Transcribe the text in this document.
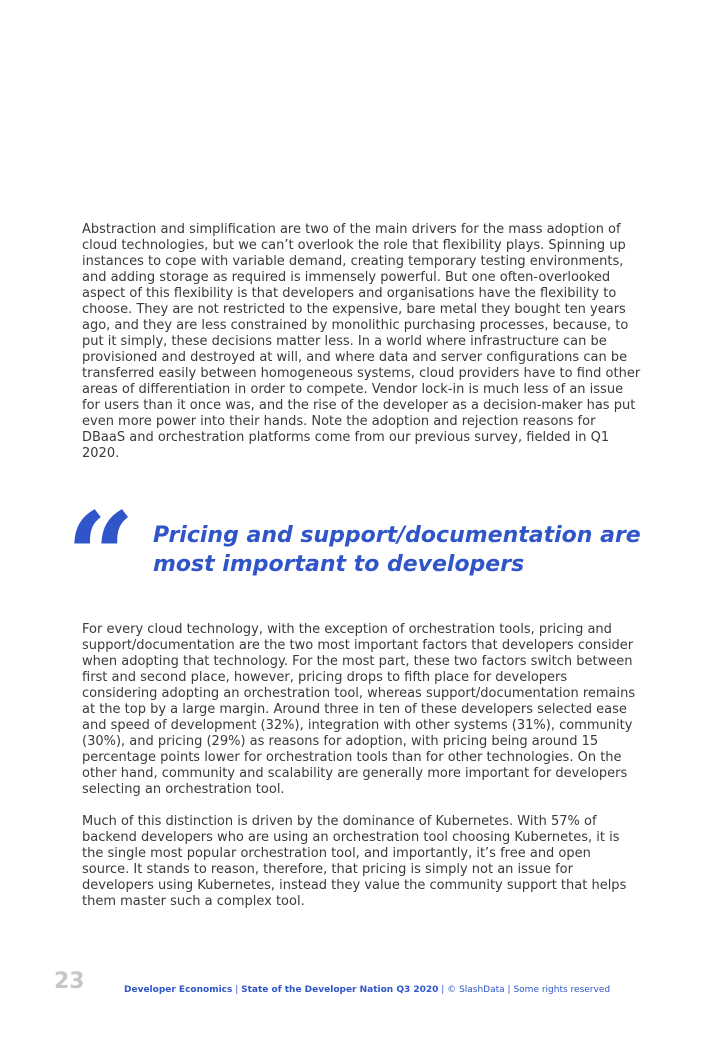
Abstraction and simplification are two of the main drivers for the mass adoption of cloud technologies, but we can’t overlook the role that flexibility plays. Spinning up instances to cope with variable demand, creating temporary testing environments, and adding storage as required is immensely powerful. But one often-overlooked aspect of this flexibility is that developers and organisations have the flexibility to choose. They are not restricted to the expensive, bare metal they bought ten years ago, and they are less constrained by monolithic purchasing processes, because, to put it simply, these decisions matter less. In a world where infrastructure can be provisioned and destroyed at will, and where data and server configurations can be transferred easily between homogeneous systems, cloud providers have to find other areas of differentiation in order to compete. Vendor lock-in is much less of an issue for users than it once was, and the rise of the developer as a decision-maker has put even more power into their hands. Note the adoption and rejection reasons for DBaaS and orchestration platforms come from our previous survey, fielded in Q1 2020.

“ Pricing and support/documentation are most important to developers

For every cloud technology, with the exception of orchestration tools, pricing and support/documentation are the two most important factors that developers consider when adopting that technology. For the most part, these two factors switch between first and second place, however, pricing drops to fifth place for developers considering adopting an orchestration tool, whereas support/documentation remains at the top by a large margin. Around three in ten of these developers selected ease and speed of development (32%), integration with other systems (31%), community (30%), and pricing (29%) as reasons for adoption, with pricing being around 15 percentage points lower for orchestration tools than for other technologies. On the other hand, community and scalability are generally more important for developers selecting an orchestration tool.

Much of this distinction is driven by the dominance of Kubernetes. With 57% of backend developers who are using an orchestration tool choosing Kubernetes, it is the single most popular orchestration tool, and importantly, it’s free and open source. It stands to reason, therefore, that pricing is simply not an issue for developers using Kubernetes, instead they value the community support that helps them master such a complex tool.

23	Developer Economics | State of the Developer Nation Q3 2020 | © SlashData | Some rights reserved
